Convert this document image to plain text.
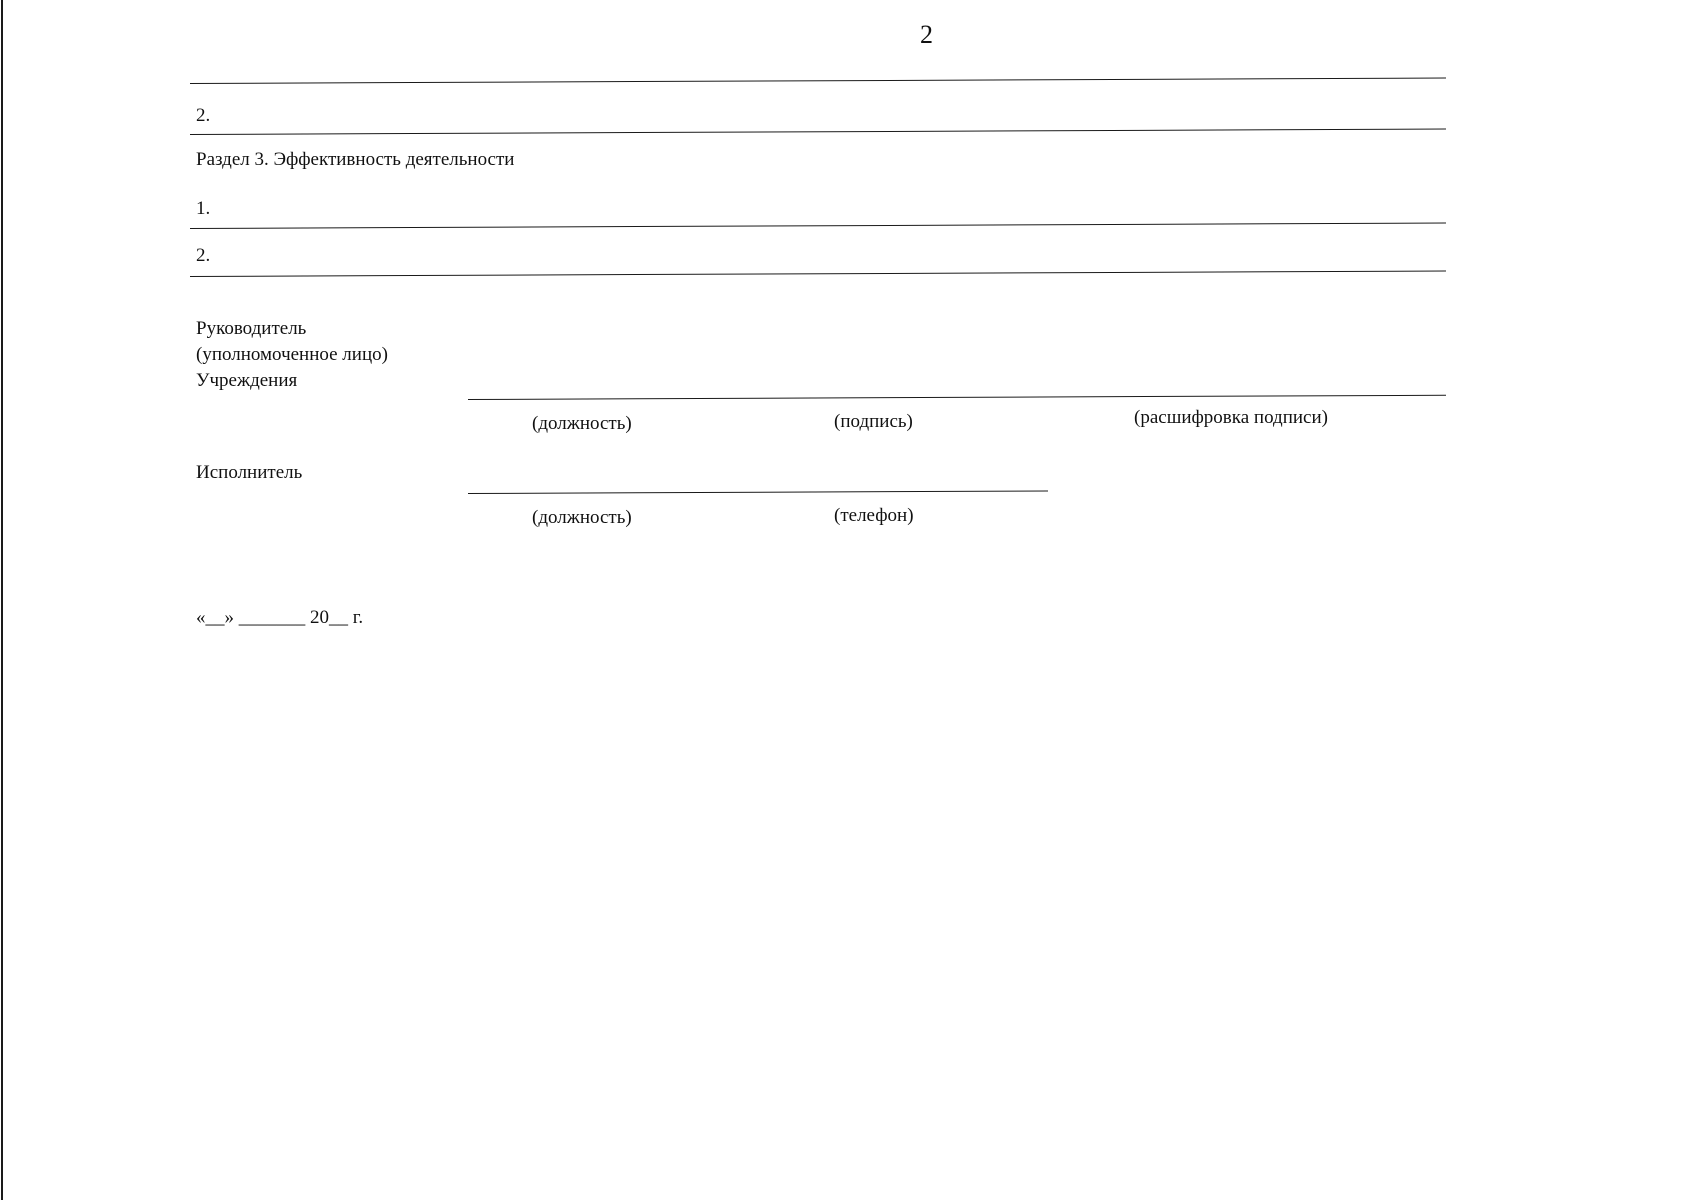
2
2.
Раздел 3. Эффективность деятельности
1.
2.
Руководитель
(уполномоченное лицо)
Учреждения
(должность)	(подпись)	(расшифровка подписи)
Исполнитель
(должность)	(телефон)
«__» _______ 20__ г.
